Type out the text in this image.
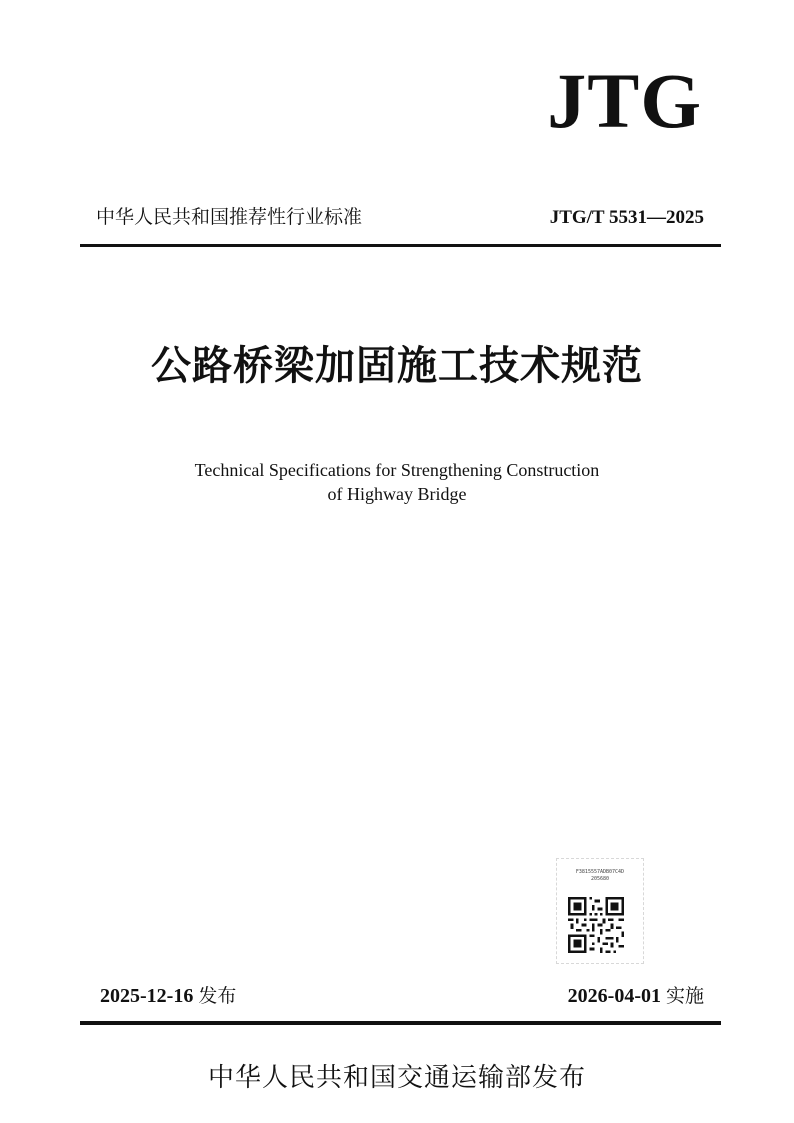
JTG
中华人民共和国推荐性行业标准	JTG/T 5531—2025
公路桥梁加固施工技术规范
Technical Specifications for Strengthening Construction
of Highway Bridge
F3815557ADB07C4D
205680
2025-12-16 发布	2026-04-01 实施
中华人民共和国交通运输部发布
